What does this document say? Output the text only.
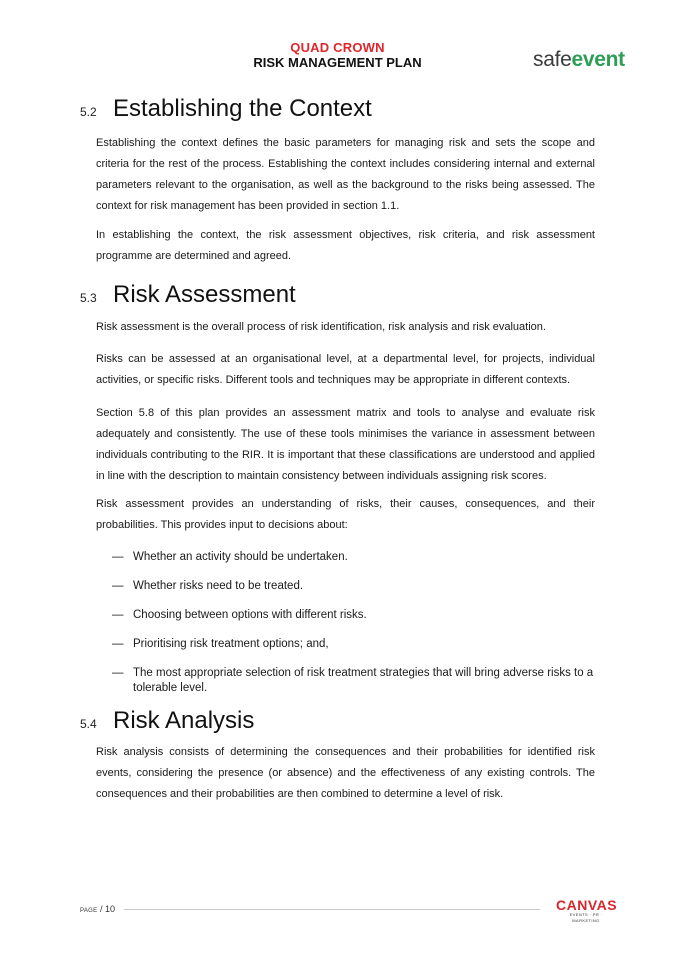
QUAD CROWN
RISK MANAGEMENT PLAN	safeevent
5.2 Establishing the Context

Establishing the context defines the basic parameters for managing risk and sets the scope and criteria for the rest of the process. Establishing the context includes considering internal and external parameters relevant to the organisation, as well as the background to the risks being assessed. The context for risk management has been provided in section 1.1.

In establishing the context, the risk assessment objectives, risk criteria, and risk assessment programme are determined and agreed.

5.3 Risk Assessment

Risk assessment is the overall process of risk identification, risk analysis and risk evaluation.

Risks can be assessed at an organisational level, at a departmental level, for projects, individual activities, or specific risks. Different tools and techniques may be appropriate in different contexts.

Section 5.8 of this plan provides an assessment matrix and tools to analyse and evaluate risk adequately and consistently. The use of these tools minimises the variance in assessment between individuals contributing to the RIR. It is important that these classifications are understood and applied in line with the description to maintain consistency between individuals assigning risk scores.

Risk assessment provides an understanding of risks, their causes, consequences, and their probabilities. This provides input to decisions about:

— Whether an activity should be undertaken.
— Whether risks need to be treated.
— Choosing between options with different risks.
— Prioritising risk treatment options; and,
— The most appropriate selection of risk treatment strategies that will bring adverse risks to a tolerable level.
5.4 Risk Analysis

Risk analysis consists of determining the consequences and their probabilities for identified risk events, considering the presence (or absence) and the effectiveness of any existing controls. The consequences and their probabilities are then combined to determine a level of risk.

PAGE / 10	CANVAS
EVENTS · PR · MARKETING
